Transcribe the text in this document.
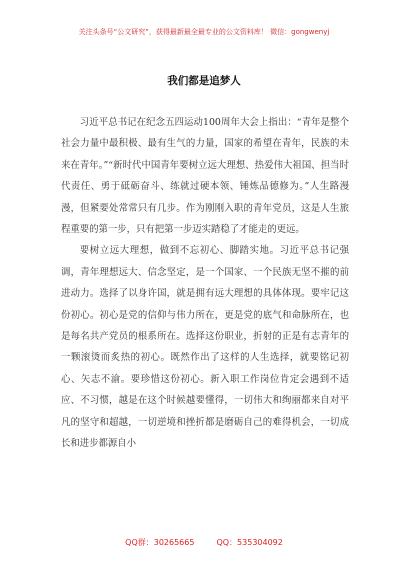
关注头条号“公文研究”，获得最新最全最专业的公文资料库！ 微信：gongwenyj
我们都是追梦人

习近平总书记在纪念五四运动100周年大会上指出：“青年是整个社会力量中最积极、最有生气的力量，国家的希望在青年，民族的未来在青年。”“新时代中国青年要树立远大理想、热爱伟大祖国、担当时代责任、勇于砥砺奋斗、练就过硬本领、锤炼品德修为。”人生路漫漫，但紧要处常常只有几步。作为刚刚入职的青年党员，这是人生旅程重要的第一步，只有把第一步迈实踏稳了才能走的更远。

要树立远大理想，做到不忘初心、脚踏实地。习近平总书记强调，青年理想远大、信念坚定，是一个国家、一个民族无坚不摧的前进动力。选择了以身许国，就是拥有远大理想的具体体现。要牢记这份初心。初心是党的信仰与伟力所在，更是党的底气和命脉所在，也是每名共产党员的根系所在。选择这份职业，折射的正是有志青年的一颗滚烫而炙热的初心。既然作出了这样的人生选择，就要铭记初心、矢志不渝。要珍惜这份初心。新入职工作岗位肯定会遇到不适应、不习惯，越是在这个时候越要懂得，一切伟大和绚丽都来自对平凡的坚守和超越，一切逆境和挫折都是磨砺自己的难得机会，一切成长和进步都源自小

QQ群：30265665	QQ：535304092
